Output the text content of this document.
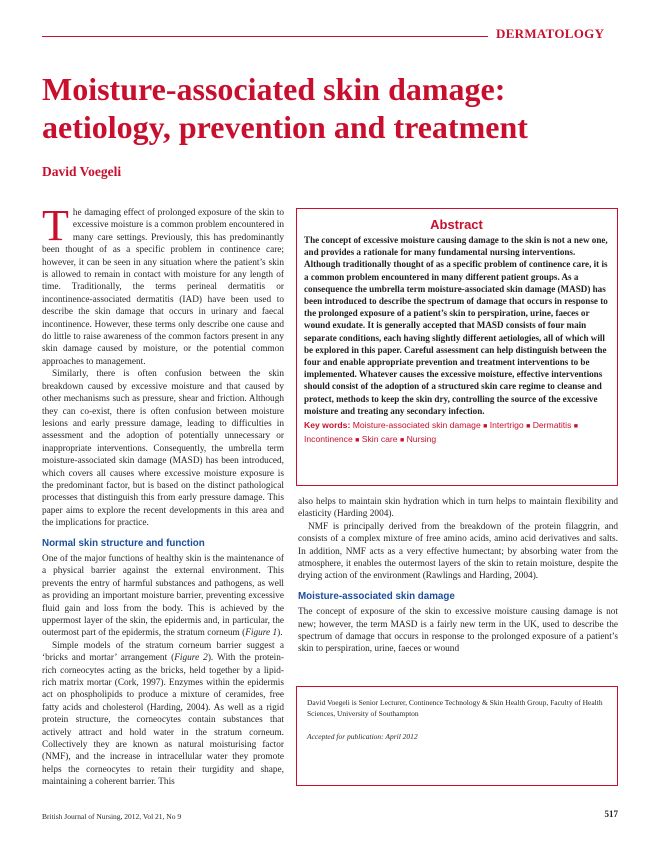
DERMATOLOGY
Moisture-associated skin damage:
aetiology, prevention and treatment
David Voegeli

The damaging effect of prolonged exposure of the skin to excessive moisture is a common problem encountered in many care settings. Previously, this has predominantly been thought of as a specific problem in continence care; however, it can be seen in any situation where the patient’s skin is allowed to remain in contact with moisture for any length of time. Traditionally, the terms perineal dermatitis or incontinence-associated dermatitis (IAD) have been used to describe the skin damage that occurs in urinary and faecal incontinence. However, these terms only describe one cause and do little to raise awareness of the common factors present in any skin damage caused by moisture, or the potential common approaches to management.

Similarly, there is often confusion between the skin breakdown caused by excessive moisture and that caused by other mechanisms such as pressure, shear and friction. Although they can co-exist, there is often confusion between moisture lesions and early pressure damage, leading to difficulties in assessment and the adoption of potentially unnecessary or inappropriate interventions. Consequently, the umbrella term moisture-associated skin damage (MASD) has been introduced, which covers all causes where excessive moisture exposure is the predominant factor, but is based on the distinct pathological processes that distinguish this from early pressure damage. This paper aims to explore the recent developments in this area and the implications for practice.

Normal skin structure and function

One of the major functions of healthy skin is the maintenance of a physical barrier against the external environment. This prevents the entry of harmful substances and pathogens, as well as providing an important moisture barrier, preventing excessive fluid gain and loss from the body. This is achieved by the uppermost layer of the skin, the epidermis and, in particular, the outermost part of the epidermis, the stratum corneum (Figure 1).

Simple models of the stratum corneum barrier suggest a ‘bricks and mortar’ arrangement (Figure 2). With the protein-rich corneocytes acting as the bricks, held together by a lipid-rich matrix mortar (Cork, 1997). Enzymes within the epidermis act on phospholipids to produce a mixture of ceramides, free fatty acids and cholesterol (Harding, 2004). As well as a rigid protein structure, the corneocytes contain substances that actively attract and hold water in the stratum corneum. Collectively they are known as natural moisturising factor (NMF), and the increase in intracellular water they promote helps the corneocytes to retain their turgidity and shape, maintaining a coherent barrier. This

Abstract
The concept of excessive moisture causing damage to the skin is not a new one, and provides a rationale for many fundamental nursing interventions. Although traditionally thought of as a specific problem of continence care, it is a common problem encountered in many different patient groups. As a consequence the umbrella term moisture-associated skin damage (MASD) has been introduced to describe the spectrum of damage that occurs in response to the prolonged exposure of a patient’s skin to perspiration, urine, faeces or wound exudate. It is generally accepted that MASD consists of four main separate conditions, each having slightly different aetiologies, all of which will be explored in this paper. Careful assessment can help distinguish between the four and enable appropriate prevention and treatment interventions to be implemented. Whatever causes the excessive moisture, effective interventions should consist of the adoption of a structured skin care regime to cleanse and protect, methods to keep the skin dry, controlling the source of the excessive moisture and treating any secondary infection.
Key words: Moisture-associated skin damage ■ Intertrigo ■ Dermatitis ■ Incontinence ■ Skin care ■ Nursing

also helps to maintain skin hydration which in turn helps to maintain flexibility and elasticity (Harding 2004).

NMF is principally derived from the breakdown of the protein filaggrin, and consists of a complex mixture of free amino acids, amino acid derivatives and salts. In addition, NMF acts as a very effective humectant; by absorbing water from the atmosphere, it enables the outermost layers of the skin to retain moisture, despite the drying action of the environment (Rawlings and Harding, 2004).

Moisture-associated skin damage

The concept of exposure of the skin to excessive moisture causing damage is not new; however, the term MASD is a fairly new term in the UK, used to describe the spectrum of damage that occurs in response to the prolonged exposure of a patient’s skin to perspiration, urine, faeces or wound

David Voegeli is Senior Lecturer, Continence Technology & Skin Health Group, Faculty of Health Sciences, University of Southampton
Accepted for publication: April 2012
British Journal of Nursing, 2012, Vol 21, No 9	517
